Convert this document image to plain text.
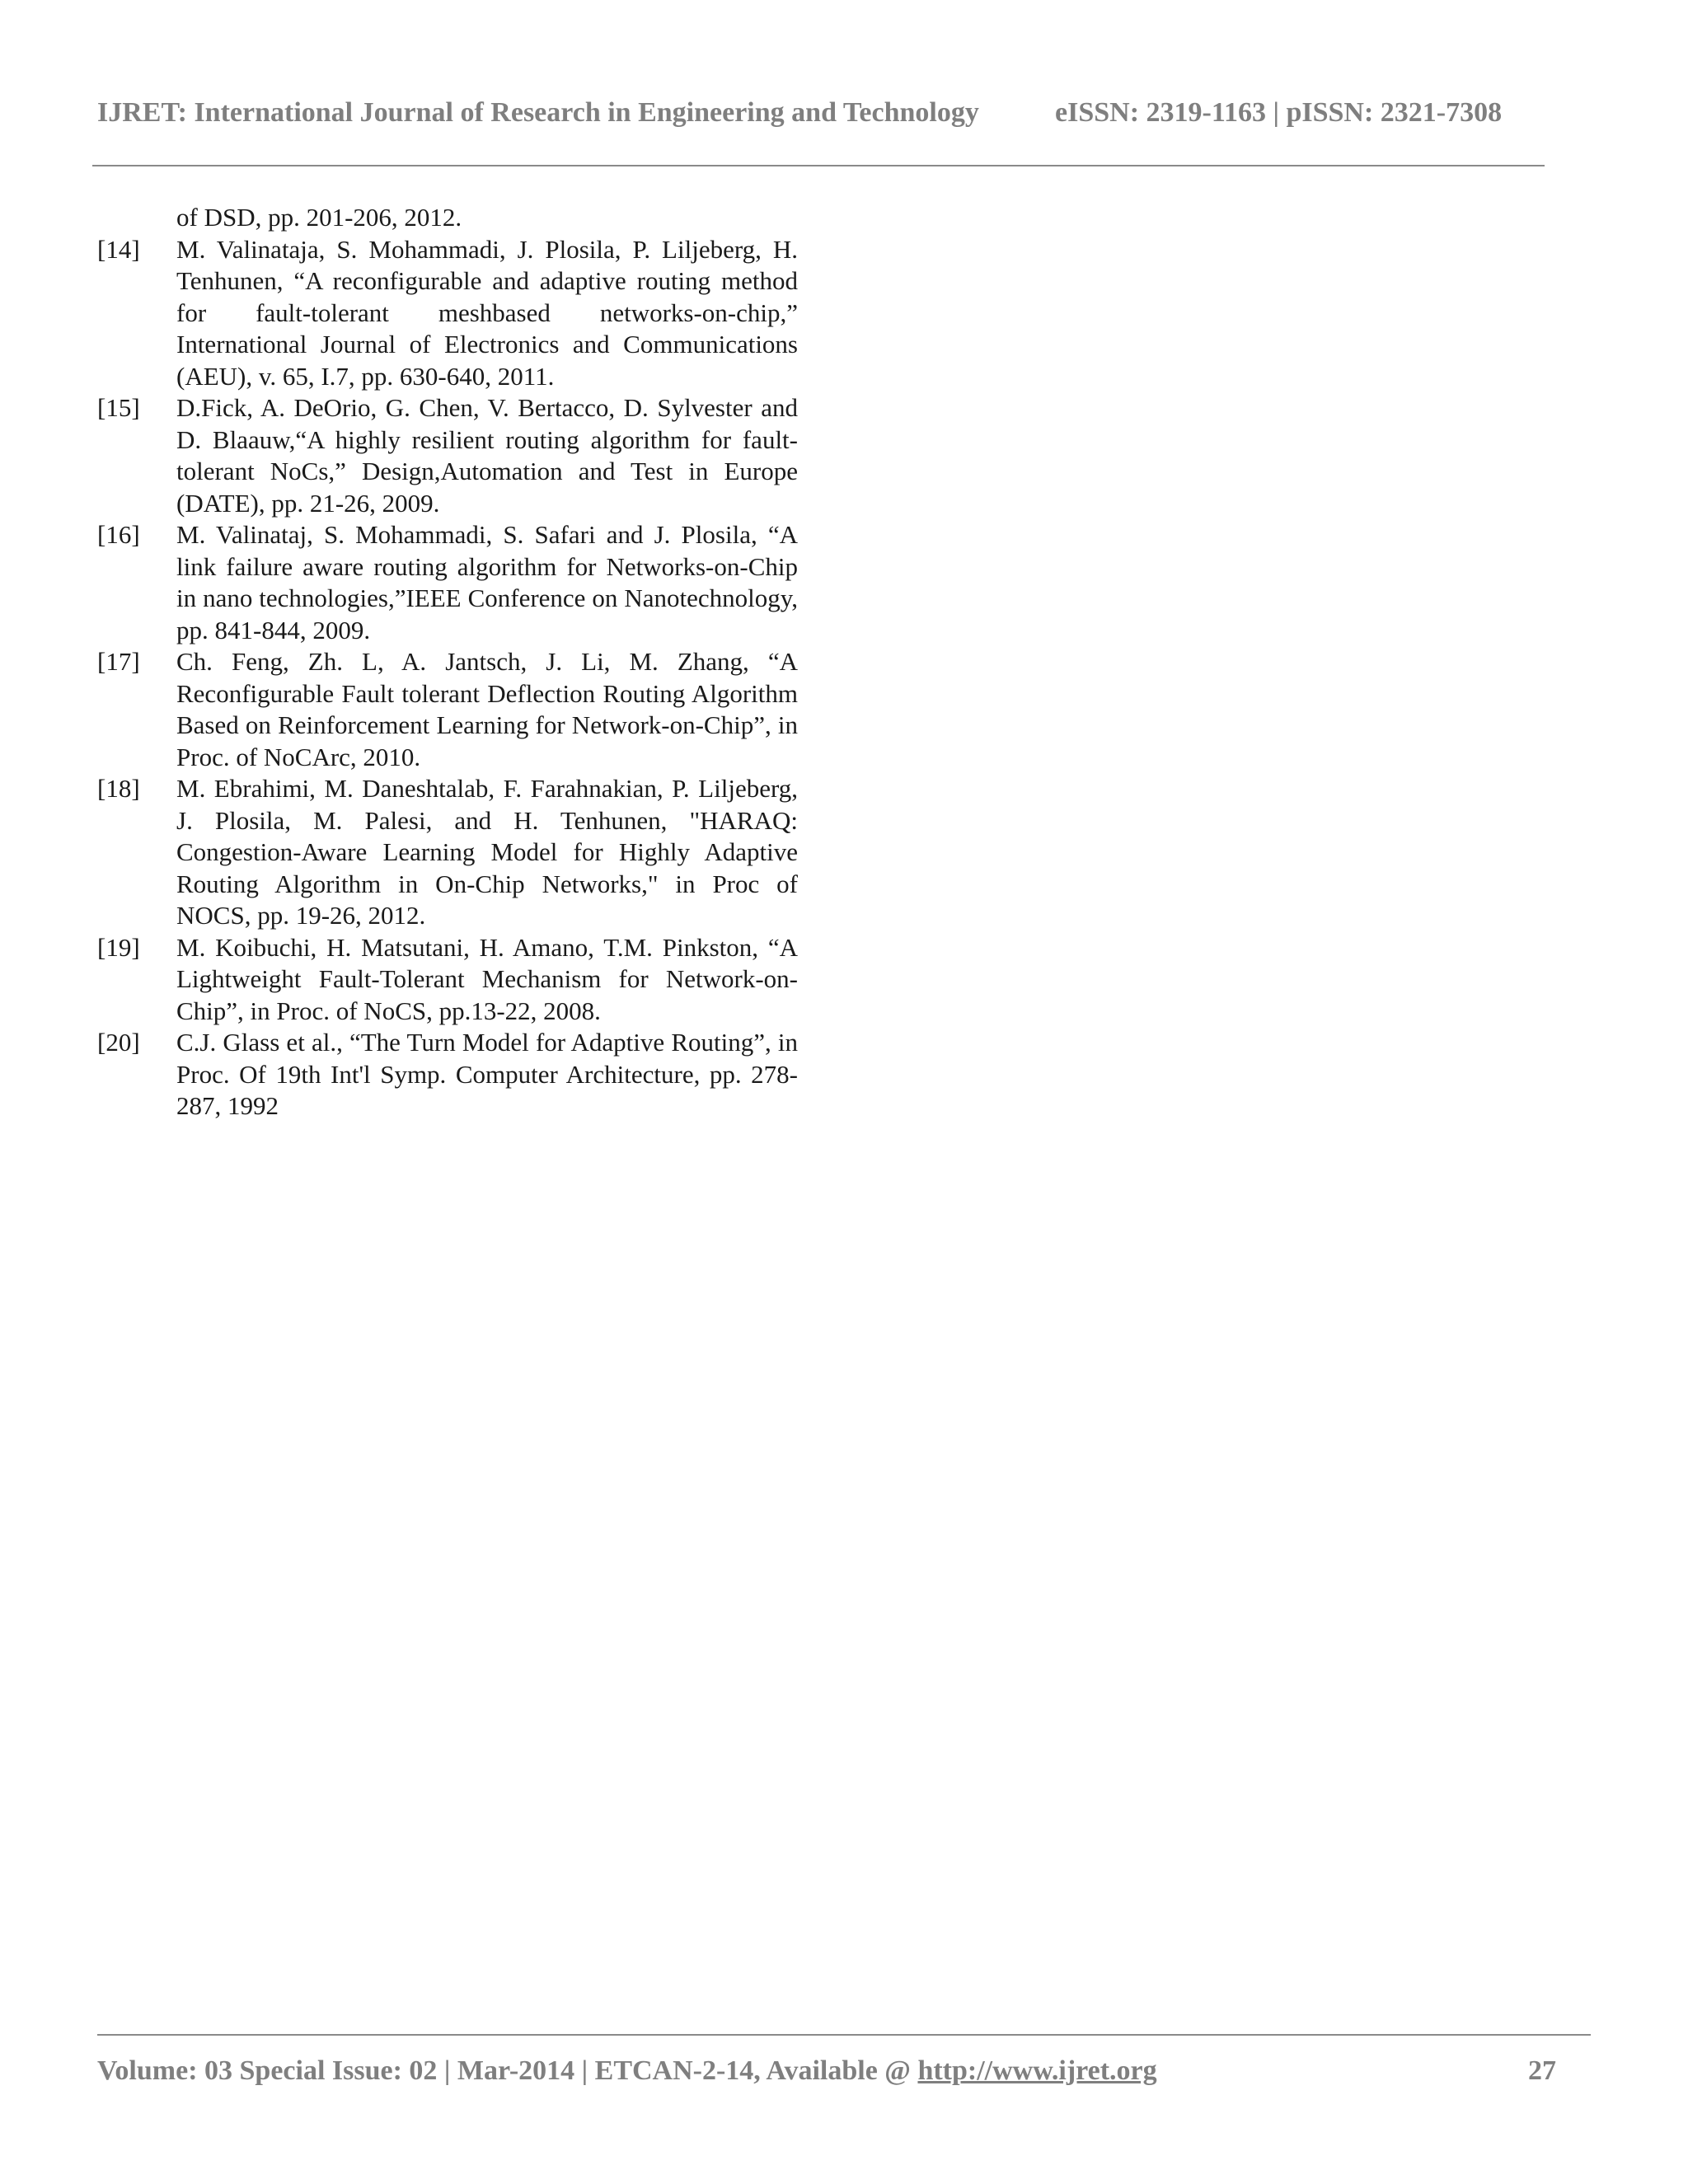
IJRET: International Journal of Research in Engineering and Technology	eISSN: 2319-1163 | pISSN: 2321-7308
of DSD, pp. 201-206, 2012.
[14]	M. Valinataja, S. Mohammadi, J. Plosila, P. Liljeberg, H. Tenhunen, “A reconfigurable and adaptive routing method for fault-tolerant meshbased networks-on-chip,” International Journal of Electronics and Communications (AEU), v. 65, I.7, pp. 630-640, 2011.
[15]	D.Fick, A. DeOrio, G. Chen, V. Bertacco, D. Sylvester and D. Blaauw,“A highly resilient routing algorithm for fault-tolerant NoCs,” Design,Automation and Test in Europe (DATE), pp. 21-26, 2009.
[16]	M. Valinataj, S. Mohammadi, S. Safari and J. Plosila, “A link failure aware routing algorithm for Networks-on-Chip in nano technologies,”IEEE Conference on Nanotechnology, pp. 841-844, 2009.
[17]	Ch. Feng, Zh. L, A. Jantsch, J. Li, M. Zhang, “A Reconfigurable Fault tolerant Deflection Routing Algorithm Based on Reinforcement Learning for Network-on-Chip”, in Proc. of NoCArc, 2010.
[18]	M. Ebrahimi, M. Daneshtalab, F. Farahnakian, P. Liljeberg, J. Plosila, M. Palesi, and H. Tenhunen, "HARAQ: Congestion-Aware Learning Model for Highly Adaptive Routing Algorithm in On-Chip Networks," in Proc of NOCS, pp. 19-26, 2012.
[19]	M. Koibuchi, H. Matsutani, H. Amano, T.M. Pinkston, “A Lightweight Fault-Tolerant Mechanism for Network-on-Chip”, in Proc. of NoCS, pp.13-22, 2008.
[20]	C.J. Glass et al., “The Turn Model for Adaptive Routing”, in Proc. Of 19th Int'l Symp. Computer Architecture, pp. 278-287, 1992
Volume: 03 Special Issue: 02 | Mar-2014 | ETCAN-2-14, Available @ http://www.ijret.org	27
